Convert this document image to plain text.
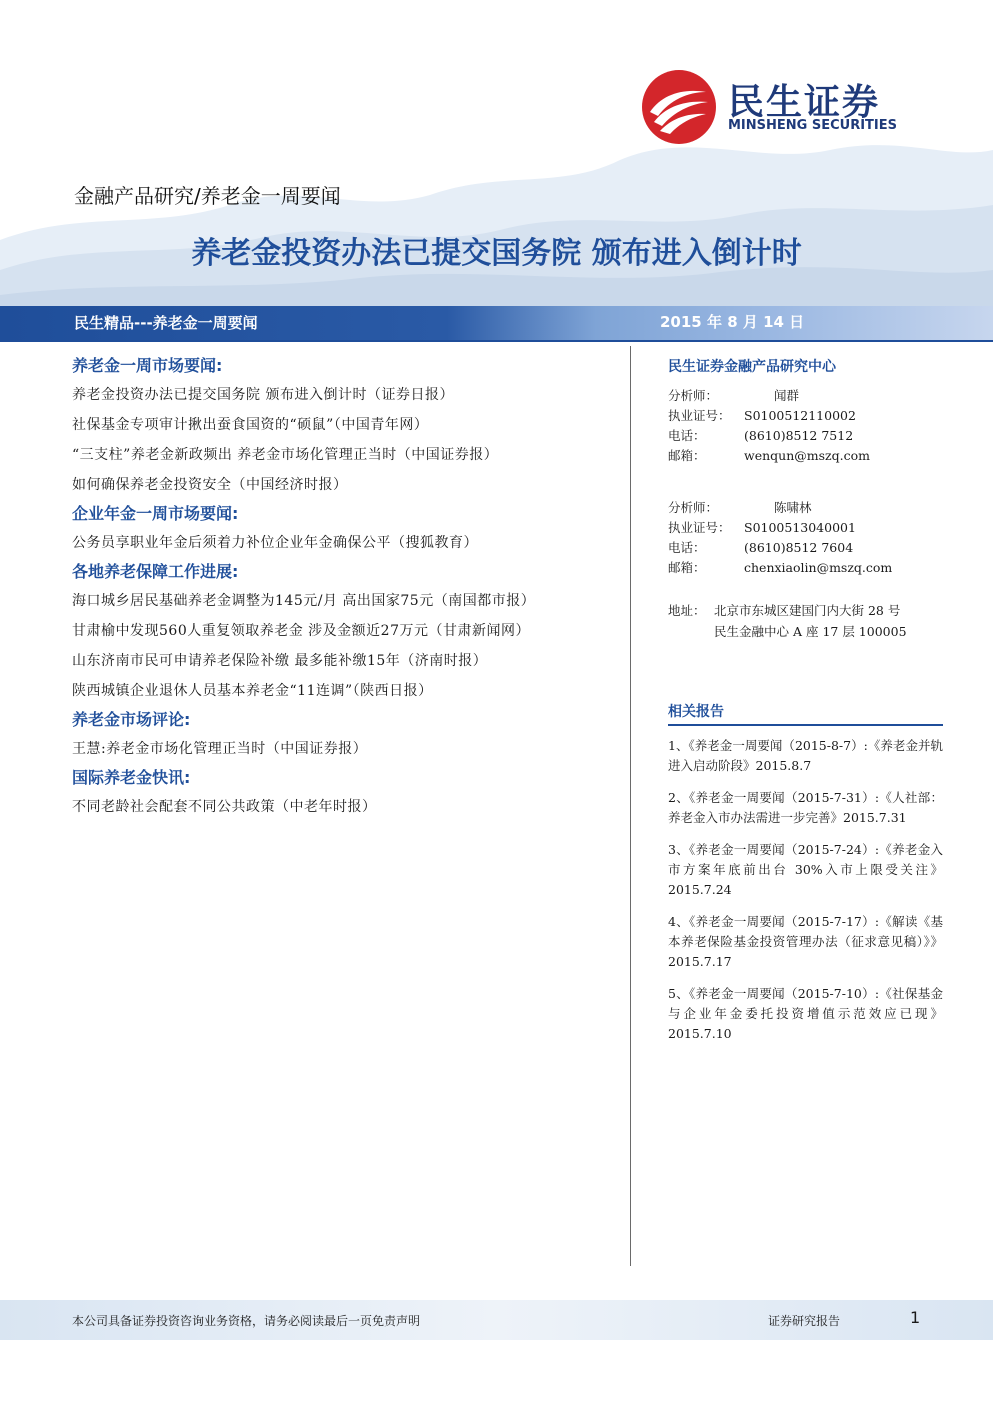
民生证券
MINSHENG SECURITIES
金融产品研究/养老金一周要闻
养老金投资办法已提交国务院 颁布进入倒计时
民生精品---养老金一周要闻	2015 年 8 月 14 日
养老金一周市场要闻:
养老金投资办法已提交国务院 颁布进入倒计时（证券日报）
社保基金专项审计揪出蚕食国资的“硕鼠”（中国青年网）
“三支柱”养老金新政频出 养老金市场化管理正当时（中国证券报）
如何确保养老金投资安全（中国经济时报）
企业年金一周市场要闻:
公务员享职业年金后须着力补位企业年金确保公平（搜狐教育）
各地养老保障工作进展:
海口城乡居民基础养老金调整为145元/月 高出国家75元（南国都市报）
甘肃榆中发现560人重复领取养老金 涉及金额近27万元（甘肃新闻网）
山东济南市民可申请养老保险补缴 最多能补缴15年（济南时报）
陕西城镇企业退休人员基本养老金“11连调”（陕西日报）
养老金市场评论:
王慧:养老金市场化管理正当时（中国证券报）
国际养老金快讯:
不同老龄社会配套不同公共政策（中老年时报）
民生证券金融产品研究中心
分析师：	闻群
执业证号： S0100512110002
电话：	(8610)8512 7512
邮箱：	wenqun@mszq.com
分析师：	陈啸林
执业证号： S0100513040001
电话：	(8610)8512 7604
邮箱：	chenxiaolin@mszq.com
地址： 北京市东城区建国门内大街 28 号
民生金融中心 A 座 17 层 100005
相关报告
1、《养老金一周要闻（2015-8-7）:《养老金并轨进入启动阶段》2015.8.7
2、《养老金一周要闻（2015-7-31）:《人社部：养老金入市办法需进一步完善》2015.7.31
3、《养老金一周要闻（2015-7-24）:《养老金入市方案年底前出台 30%入市上限受关注》2015.7.24
4、《养老金一周要闻（2015-7-17）:《解读《基本养老保险基金投资管理办法（征求意见稿）》》2015.7.17
5、《养老金一周要闻（2015-7-10）:《社保基金与企业年金委托投资增值示范效应已现》2015.7.10
本公司具备证券投资咨询业务资格，请务必阅读最后一页免责声明	证券研究报告	1
